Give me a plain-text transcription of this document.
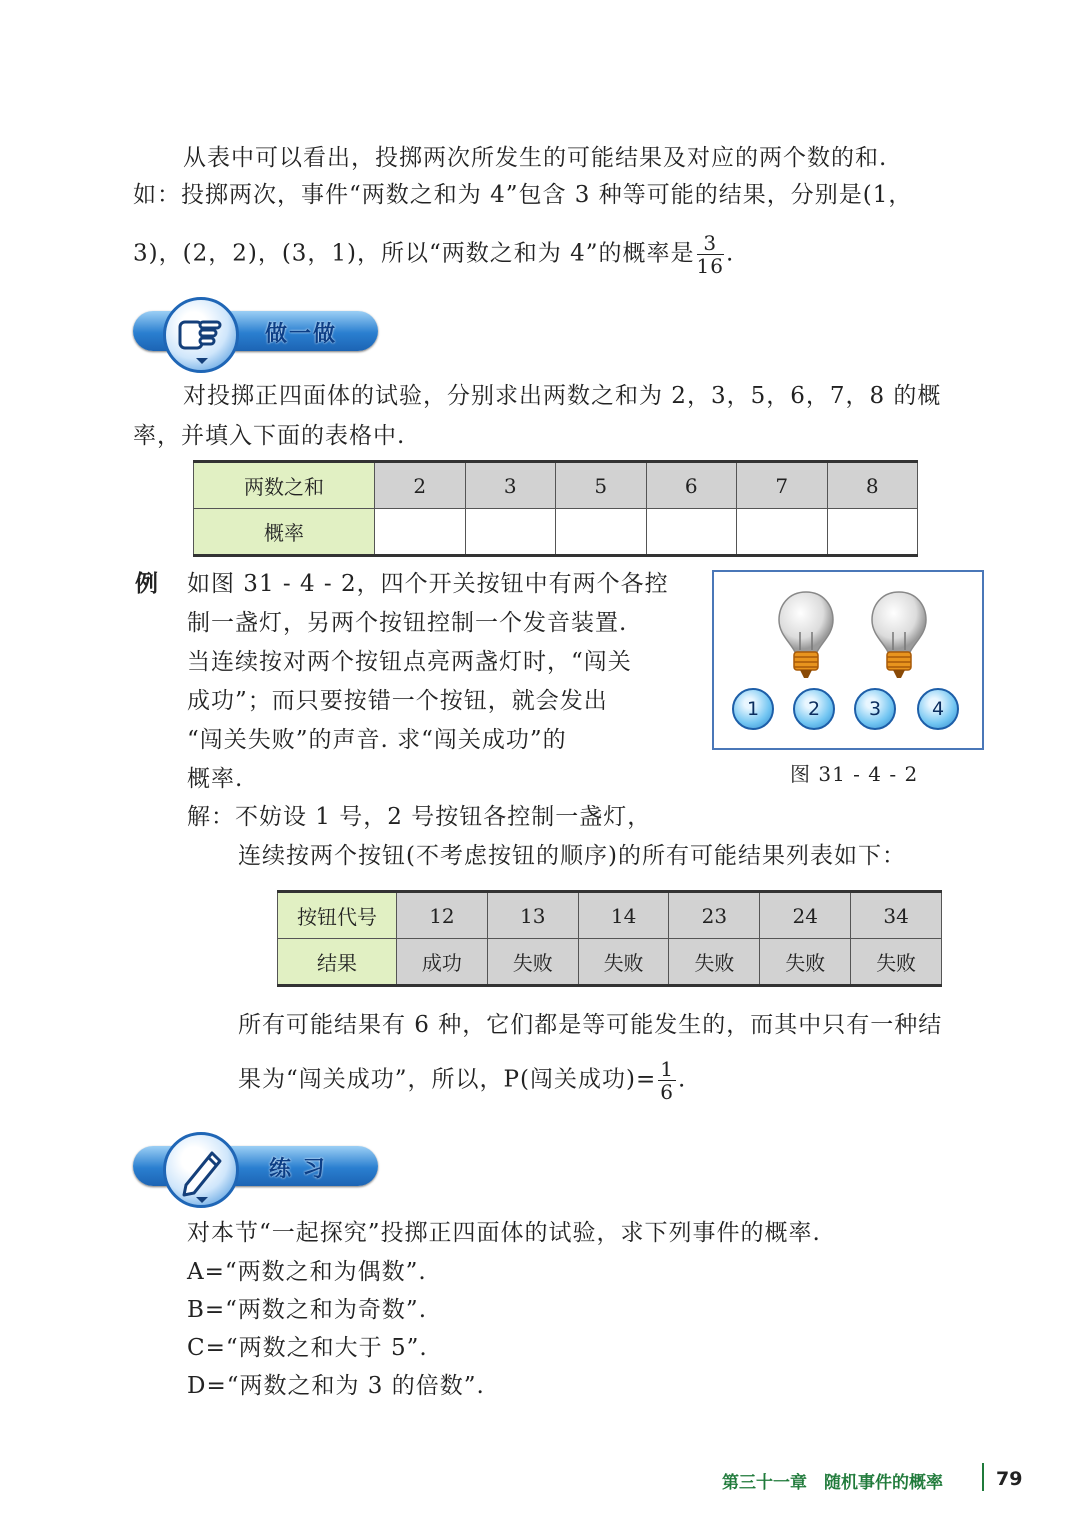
从表中可以看出，投掷两次所发生的可能结果及对应的两个数的和.
如：投掷两次，事件“两数之和为 4”包含 3 种等可能的结果，分别是(1，
3)，(2，2)，(3，1)，所以“两数之和为 4”的概率是 $\frac{3}{16}$ .
做一做
对投掷正四面体的试验，分别求出两数之和为 2，3，5，6，7，8 的概
率，并填入下面的表格中.
两数之和	2	3	5	6	7	8
概率						
例 如图 31 - 4 - 2，四个开关按钮中有两个各控
制一盏灯，另两个按钮控制一个发音装置.
当连续按对两个按钮点亮两盏灯时，“闯关
成功”；而只要按错一个按钮，就会发出
“闯关失败”的声音. 求“闯关成功”的
概率.
1	2	3	4
图 31 - 4 - 2
解：不妨设 1 号，2 号按钮各控制一盏灯，
连续按两个按钮(不考虑按钮的顺序)的所有可能结果列表如下：
按钮代号	12	13	14	23	24	34
结果	成功	失败	失败	失败	失败	失败
所有可能结果有 6 种，它们都是等可能发生的，而其中只有一种结
果为“闯关成功”，所以，P(闯关成功)= $\frac{1}{6}$ .
练 习
对本节“一起探究”投掷正四面体的试验，求下列事件的概率.
A=“两数之和为偶数”.
B=“两数之和为奇数”.
C=“两数之和大于 5”.
D=“两数之和为 3 的倍数”.
第三十一章　随机事件的概率	79
